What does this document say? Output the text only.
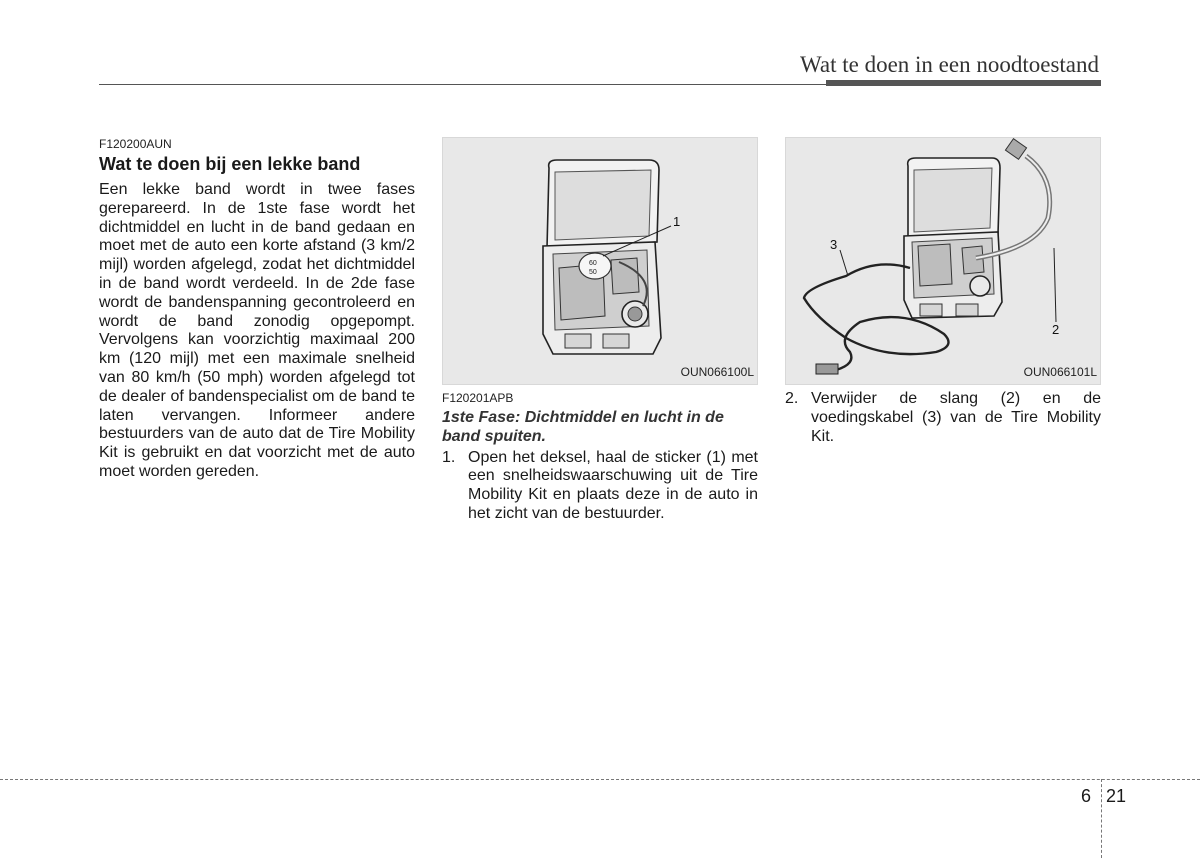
Wat te doen in een noodtoestand
F120200AUN
Wat te doen bij een lekke band

Een lekke band wordt in twee fases gerepareerd. In de 1ste fase wordt het dichtmiddel en lucht in de band gedaan en moet met de auto een korte afstand (3 km/2 mijl) worden afgelegd, zodat het dichtmiddel in de band wordt verdeeld. In de 2de fase wordt de bandenspanning gecontroleerd en wordt de band zonodig opgepompt. Vervolgens kan voorzichtig maximaal 200 km (120 mijl) met een maximale snelheid van 80 km/h (50 mph) worden afgelegd tot de dealer of bandenspecialist om de band te laten vervangen. Informeer andere bestuurders van de auto dat de Tire Mobility Kit is gebruikt en dat voorzicht met de auto moet worden gereden.

60
50
1
OUN066100L
F120201APB

1ste Fase: Dichtmiddel en lucht in de band spuiten.

1. Open het deksel, haal de sticker (1) met een snelheidswaarschuwing uit de Tire Mobility Kit en plaats deze in de auto in het zicht van de bestuurder.
3
2
OUN066101L
2. Verwijder de slang (2) en de voedingskabel (3) van de Tire Mobility Kit.
6 21
